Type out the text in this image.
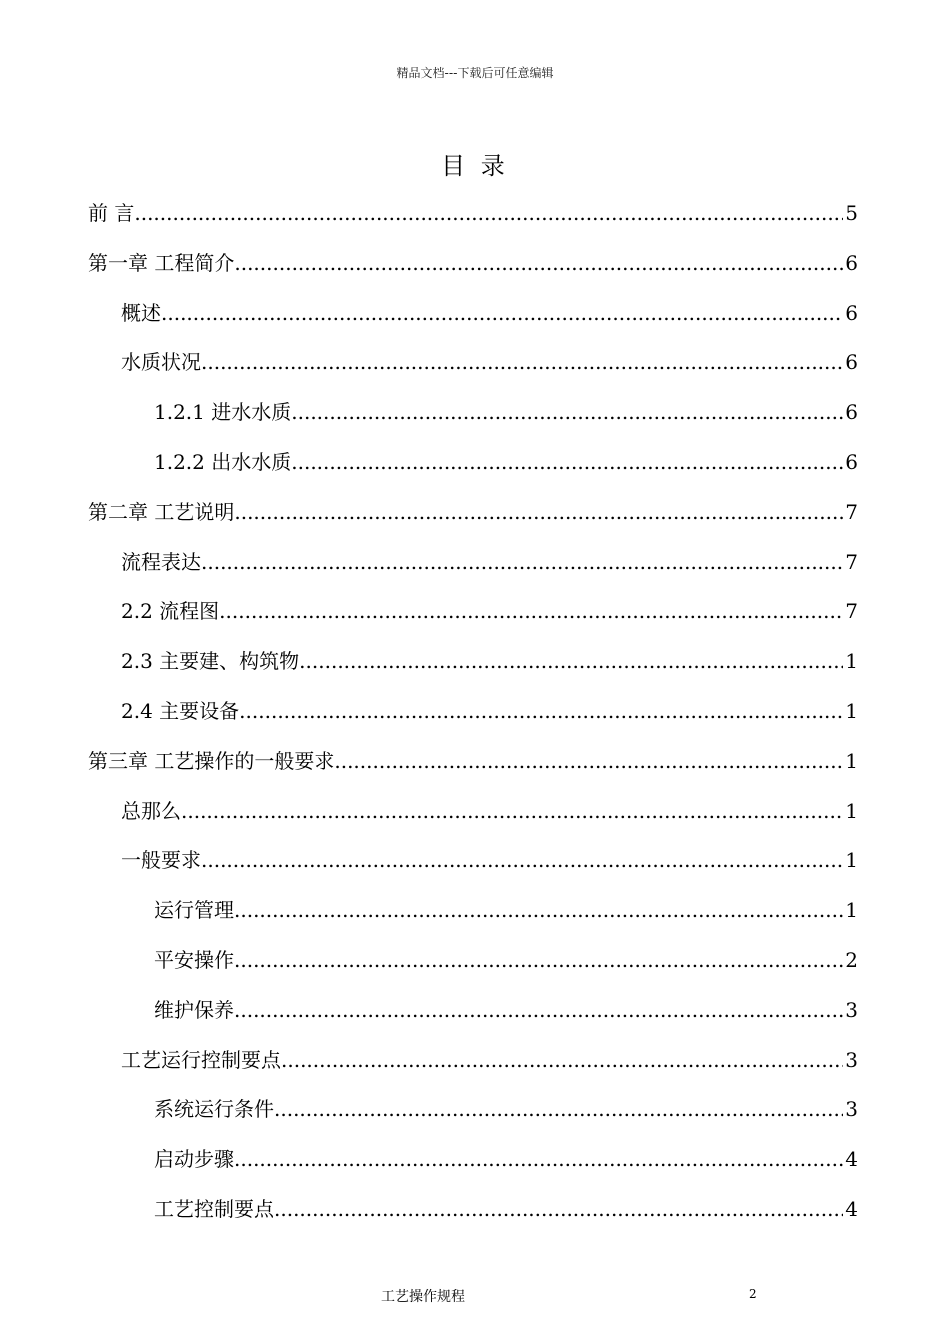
精品文档---下载后可任意编辑
目 录
前 言 .....	5
第一章 工程简介 .....	6
概述 .....	6
水质状况 .....	6
1.2.1 进水水质 .....	6
1.2.2 出水水质 .....	6
第二章 工艺说明 .....	7
流程表达 .....	7
2.2 流程图 .....	7
2.3 主要建、构筑物 .....	1
2.4 主要设备 .....	1
第三章 工艺操作的一般要求 .....	1
总那么 .....	1
一般要求 .....	1
运行管理 .....	1
平安操作 .....	2
维护保养 .....	3
工艺运行控制要点 .....	3
系统运行条件 .....	3
启动步骤 .....	4
工艺控制要点 .....	4
工艺操作规程	2
